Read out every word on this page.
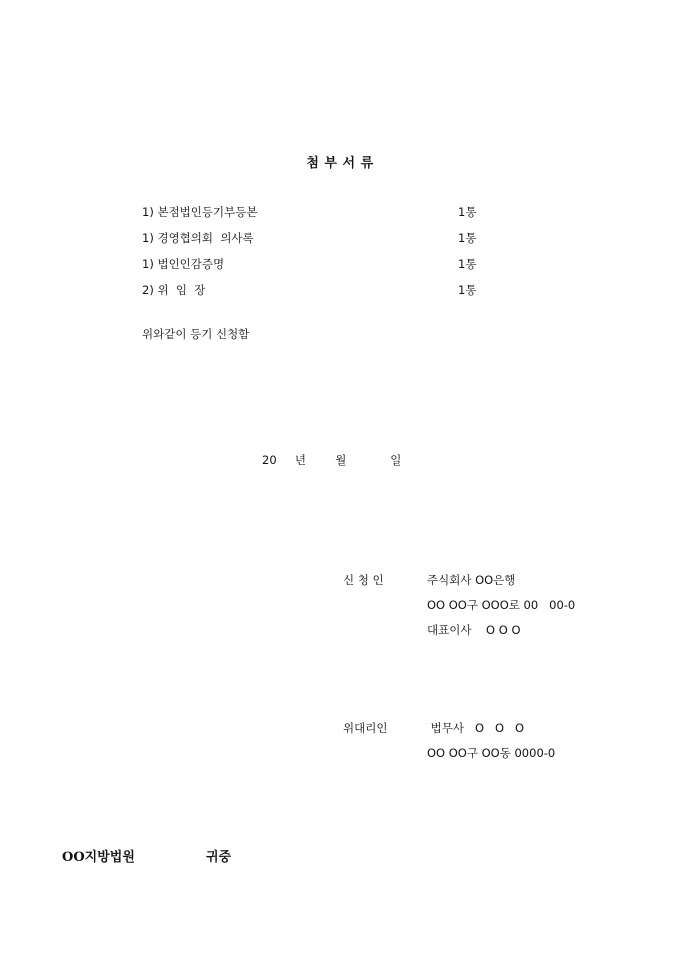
첨 부 서 류
1) 본점법인등기부등본	1통
1) 경영협의회  의사록	1통
1) 법인인감증명	1통
2) 위  임  장	1통
위와같이 등기 신청함
20     년        월            일
신 청 인	주식회사 OO은행
OO OO구 OOO로 00   00-0
대표이사    O O O
위대리인	법무사   O   O   O
OO OO구 OO동 0000-0
OO지방법원	귀중
